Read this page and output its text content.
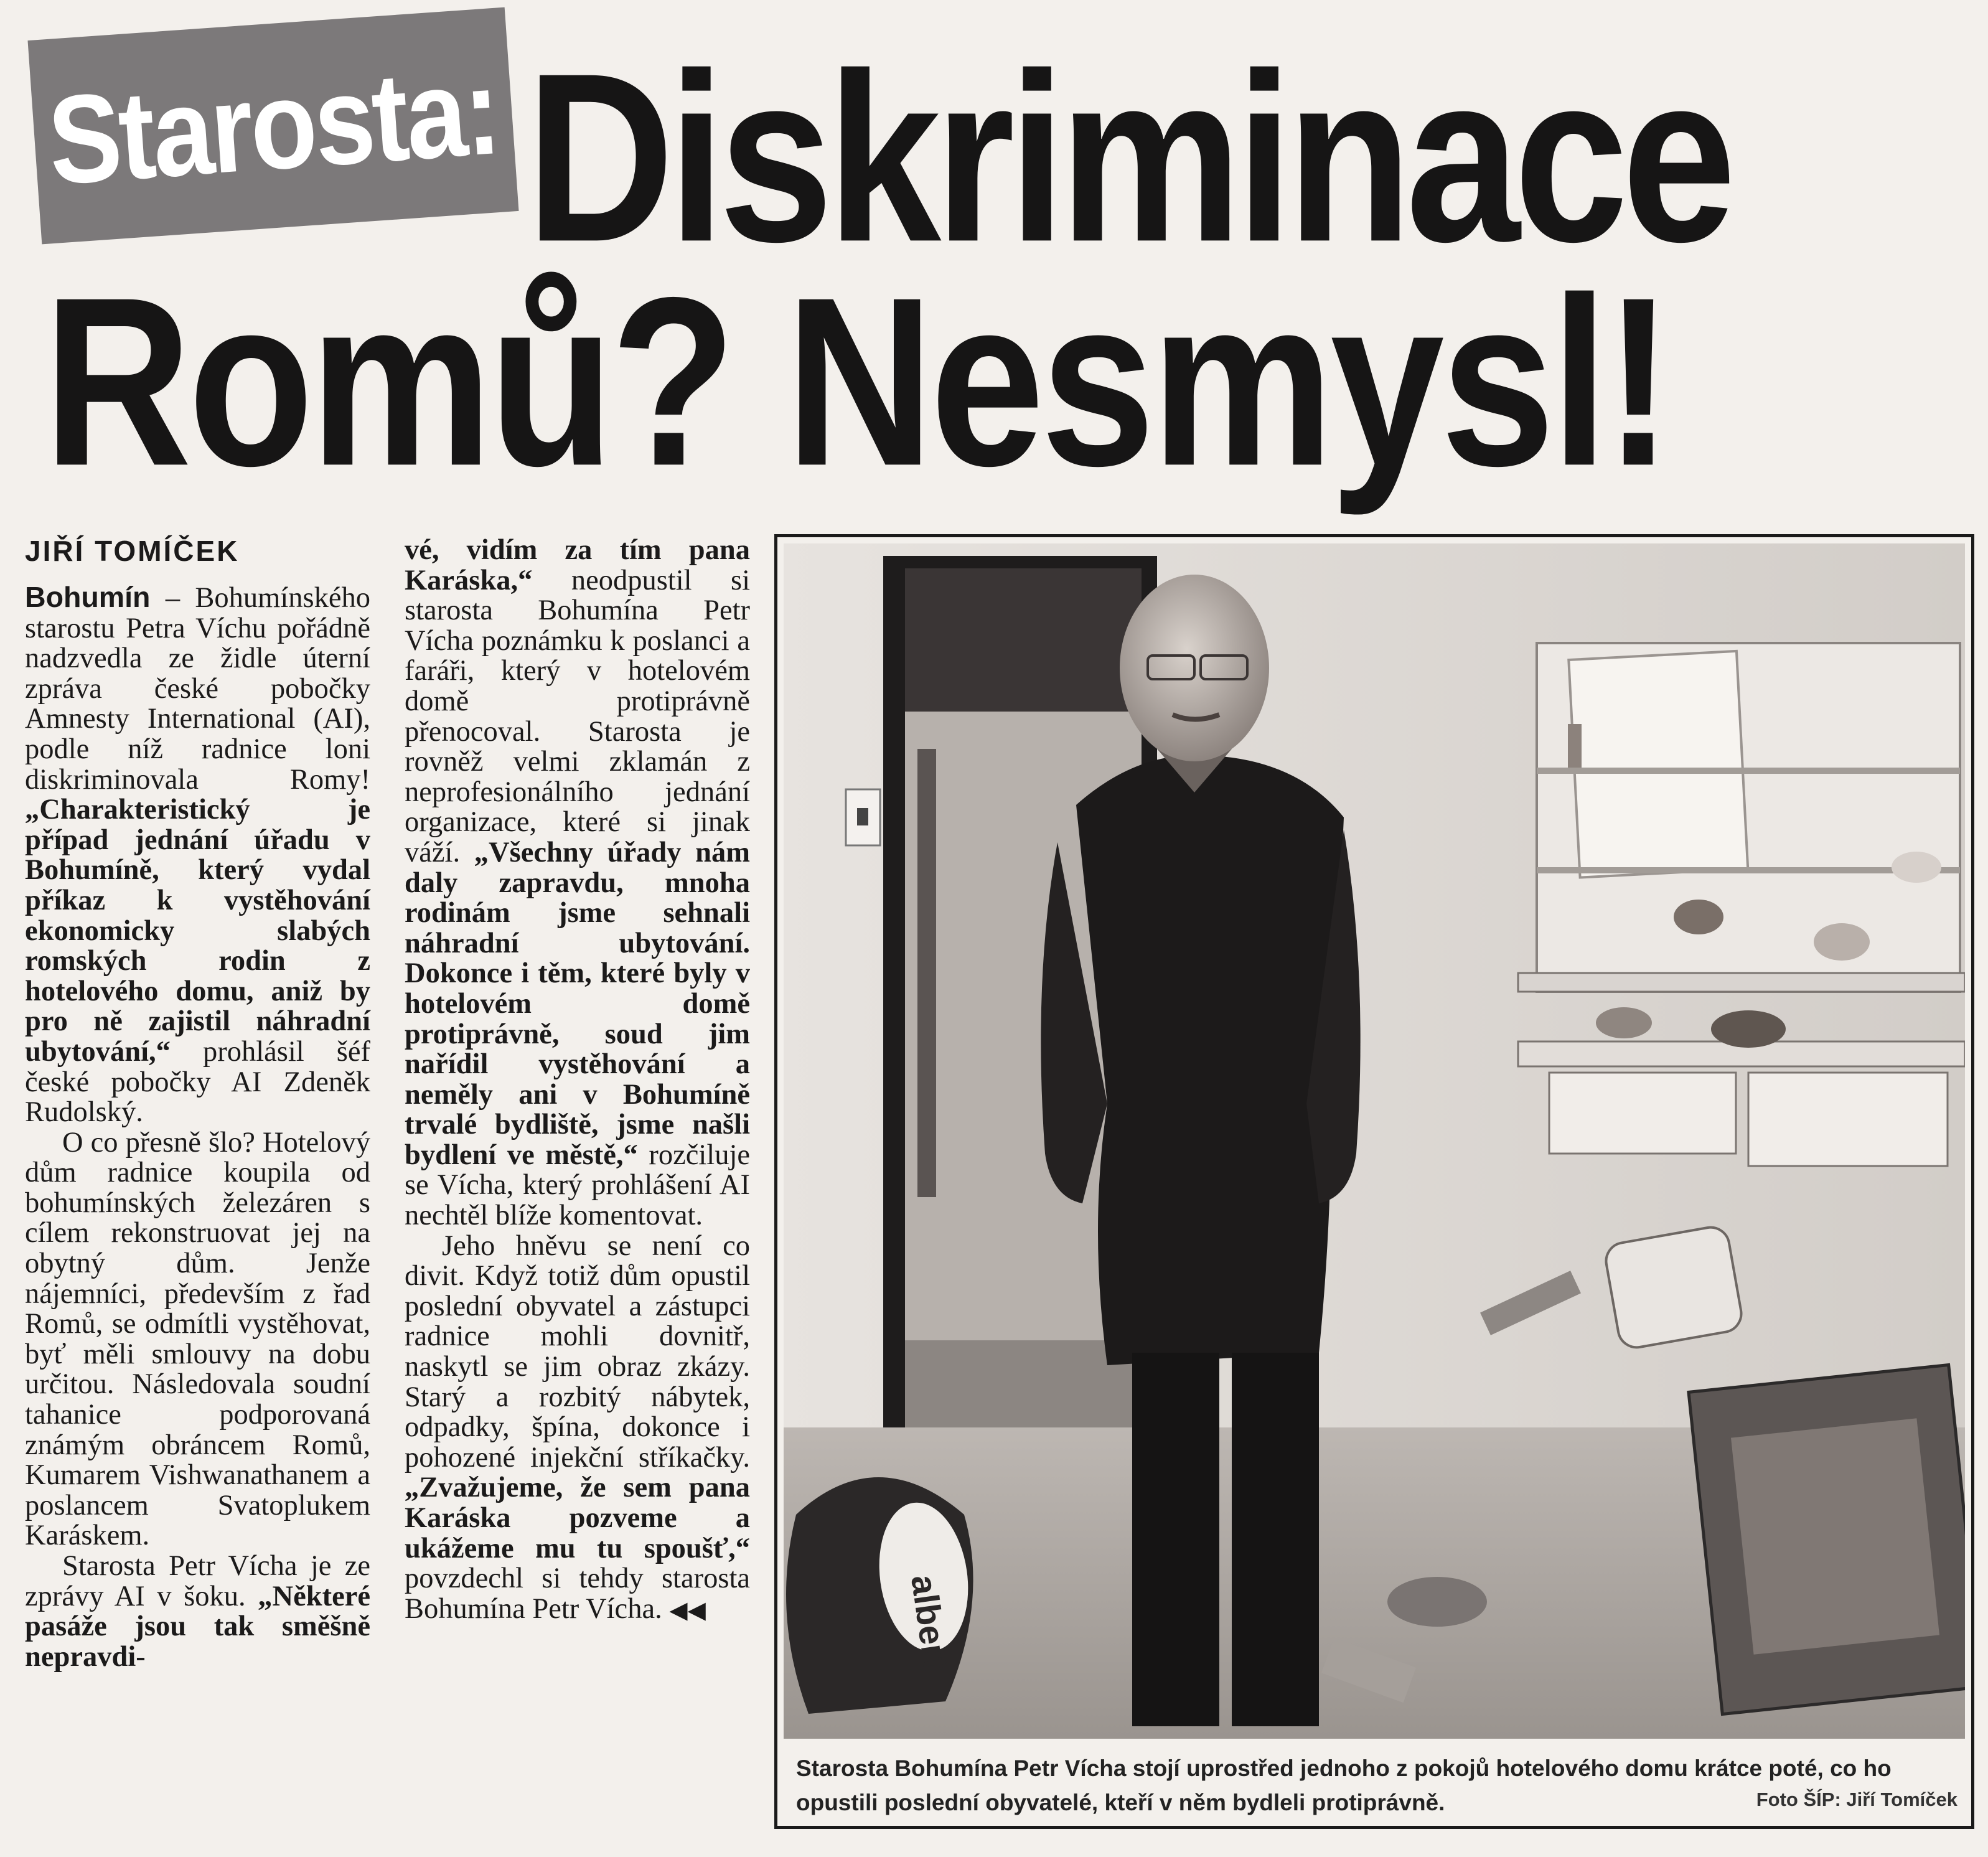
Starosta: Diskriminace
Romů? Nesmysl!
JIŘÍ TOMÍČEK

Bohumín – Bohumínského starostu Petra Víchu pořádně nadzvedla ze židle úterní zpráva české pobočky Amnesty International (AI), podle níž radnice loni diskriminovala Romy! „Charakteristický je případ jednání úřadu v Bohumíně, který vydal příkaz k vystěhování ekonomicky slabých romských rodin z hotelového domu, aniž by pro ně zajistil náhradní ubytování,“ prohlásil šéf české pobočky AI Zdeněk Rudolský.

O co přesně šlo? Hotelový dům radnice koupila od bohumínských železáren s cílem rekonstruovat jej na obytný dům. Jenže nájemníci, především z řad Romů, se odmítli vystěhovat, byť měli smlouvy na dobu určitou. Následovala soudní tahanice podporovaná známým obráncem Romů, Kumarem Vishwanathanem a poslancem Svatoplukem Karáskem.

Starosta Petr Vícha je ze zprávy AI v šoku. „Některé pasáže jsou tak směšně nepravdi-

vé, vidím za tím pana Karáska,“ neodpustil si starosta Bohumína Petr Vícha poznámku k poslanci a faráři, který v hotelovém domě protiprávně přenocoval. Starosta je rovněž velmi zklamán z neprofesionálního jednání organizace, které si jinak váží. „Všechny úřady nám daly zapravdu, mnoha rodinám jsme sehnali náhradní ubytování. Dokonce i těm, které byly v hotelovém domě protiprávně, soud jim nařídil vystěhování a neměly ani v Bohumíně trvalé bydliště, jsme našli bydlení ve městě,“ rozčiluje se Vícha, který prohlášení AI nechtěl blíže komentovat.

Jeho hněvu se není co divit. Když totiž dům opustil poslední obyvatel a zástupci radnice mohli dovnitř, naskytl se jim obraz zkázy. Starý a rozbitý nábytek, odpadky, špína, dokonce i pohozené injekční stříkačky. „Zvažujeme, že sem pana Karáska pozveme a ukážeme mu tu spoušť,“ povzdechl si tehdy starosta Bohumína Petr Vícha. ◀◀	albert
Starosta Bohumína Petr Vícha stojí uprostřed jednoho z pokojů hotelového domu krátce poté, co ho opustili poslední obyvatelé, kteří v něm bydleli protiprávně.	Foto ŠÍP: Jiří Tomíček
